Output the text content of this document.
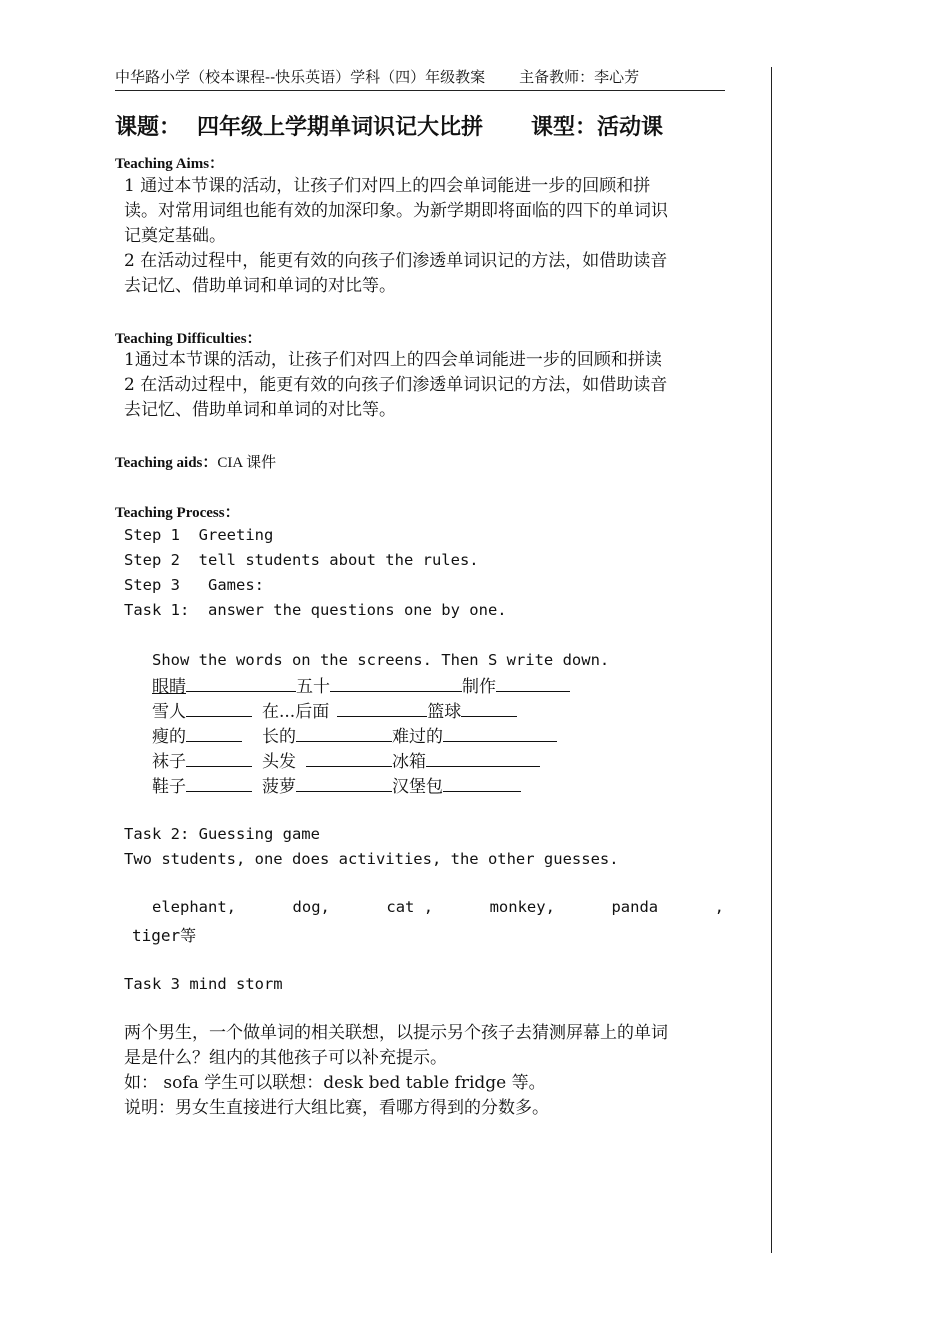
中华路小学（校本课程--快乐英语）学科（四）年级教案 主备教师：李心芳
课题： 四年级上学期单词识记大比拼 课型：活动课
Teaching Aims：
1 通过本节课的活动，让孩子们对四上的四会单词能进一步的回顾和拼
读。对常用词组也能有效的加深印象。为新学期即将面临的四下的单词识
记奠定基础。
2 在活动过程中，能更有效的向孩子们渗透单词识记的方法，如借助读音
去记忆、借助单词和单词的对比等。
Teaching Difficulties：
1通过本节课的活动，让孩子们对四上的四会单词能进一步的回顾和拼读
2 在活动过程中，能更有效的向孩子们渗透单词识记的方法，如借助读音
去记忆、借助单词和单词的对比等。
Teaching aids：CIA 课件
Teaching Process：
Step 1  Greeting
Step 2  tell students about the rules.
Step 3   Games:
Task 1:  answer the questions one by one.
Show the words on the screens. Then S write down.
眼睛	五十	制作
雪人	在...后面	篮球
瘦的	长的	难过的
袜子	头发	冰箱
鞋子	菠萝	汉堡包
Task 2: Guessing game
Two students, one does activities, the other guesses.
elephant,	dog,	cat ,	monkey,	panda	,
tiger等
Task 3 mind storm
两个男生，一个做单词的相关联想，以提示另个孩子去猜测屏幕上的单词
是是什么？组内的其他孩子可以补充提示。
如： sofa 学生可以联想：desk bed table fridge 等。
说明：男女生直接进行大组比赛，看哪方得到的分数多。
